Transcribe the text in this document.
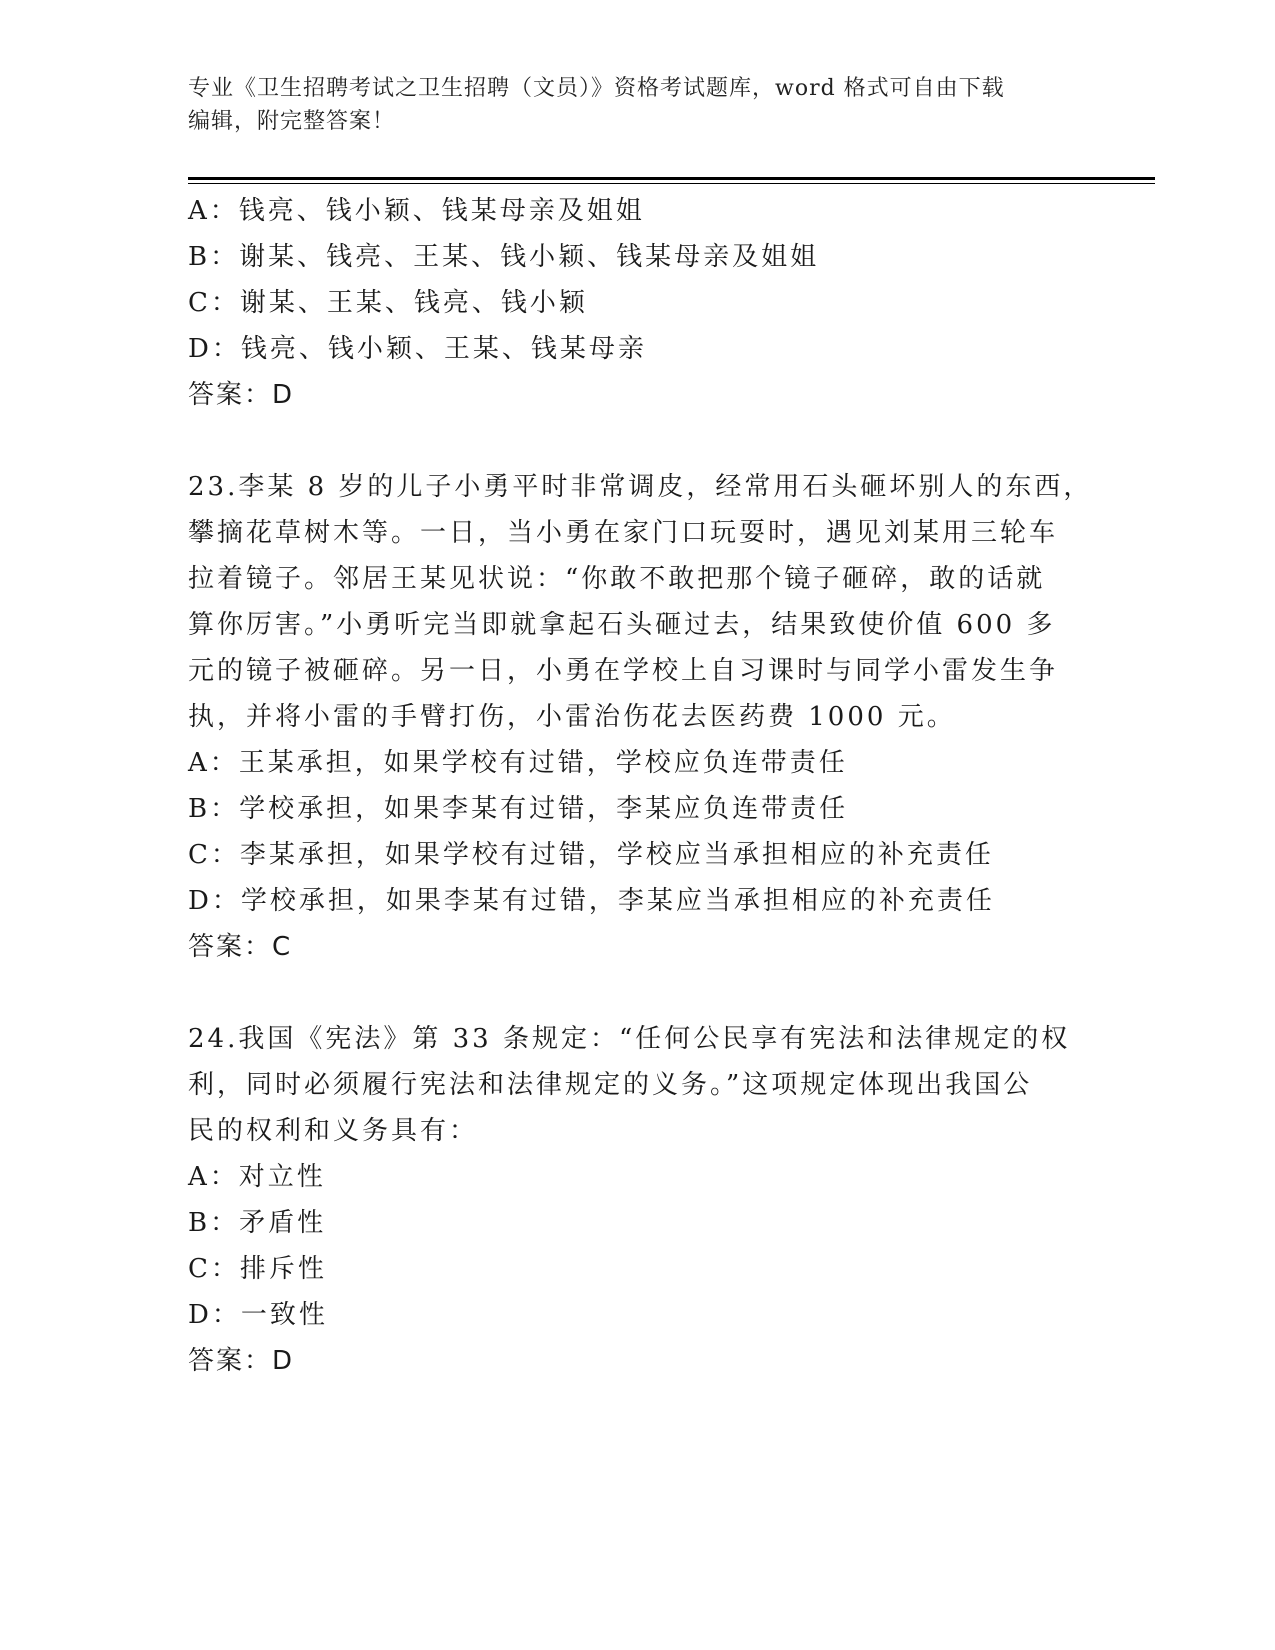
专业《卫生招聘考试之卫生招聘（文员）》资格考试题库，word 格式可自由下载
编辑，附完整答案！
A：钱亮、钱小颖、钱某母亲及姐姐
B：谢某、钱亮、王某、钱小颖、钱某母亲及姐姐
C：谢某、王某、钱亮、钱小颖
D：钱亮、钱小颖、王某、钱某母亲
答案：D
23.李某 8 岁的儿子小勇平时非常调皮，经常用石头砸坏别人的东西，
攀摘花草树木等。一日，当小勇在家门口玩耍时，遇见刘某用三轮车
拉着镜子。邻居王某见状说：“你敢不敢把那个镜子砸碎，敢的话就
算你厉害。”小勇听完当即就拿起石头砸过去，结果致使价值 600 多
元的镜子被砸碎。另一日，小勇在学校上自习课时与同学小雷发生争
执，并将小雷的手臂打伤，小雷治伤花去医药费 1000 元。
A：王某承担，如果学校有过错，学校应负连带责任
B：学校承担，如果李某有过错，李某应负连带责任
C：李某承担，如果学校有过错，学校应当承担相应的补充责任
D：学校承担，如果李某有过错，李某应当承担相应的补充责任
答案：C
24.我国《宪法》第 33 条规定：“任何公民享有宪法和法律规定的权
利，同时必须履行宪法和法律规定的义务。”这项规定体现出我国公
民的权利和义务具有：
A：对立性
B：矛盾性
C：排斥性
D：一致性
答案：D
